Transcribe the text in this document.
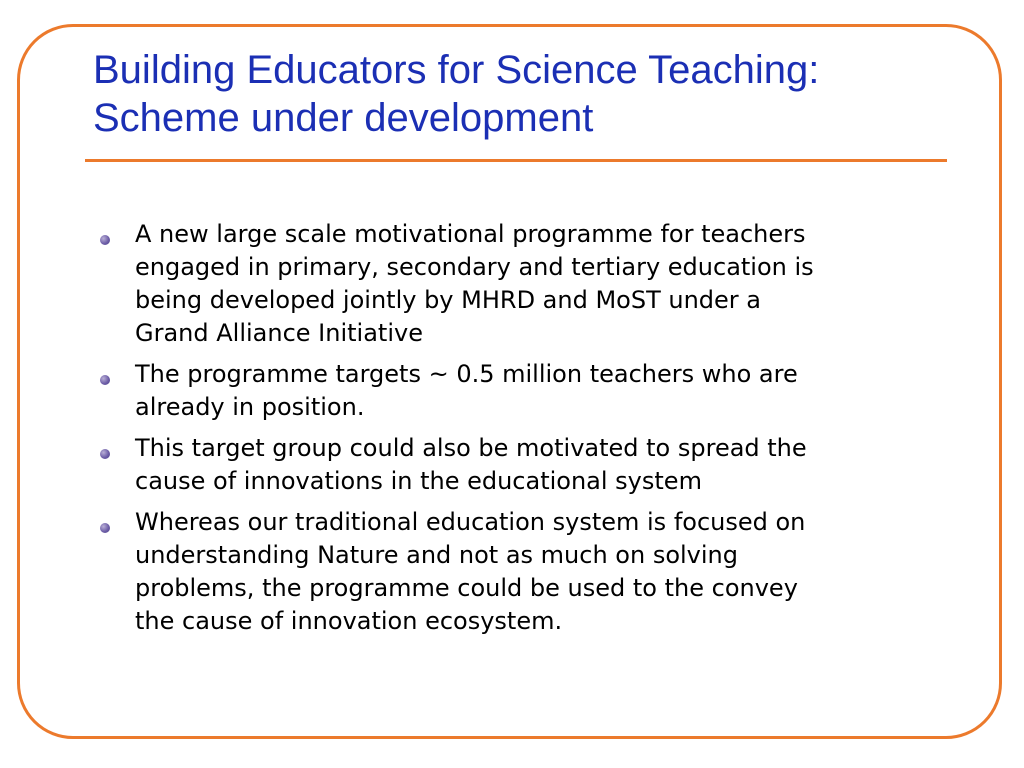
Building Educators for Science Teaching:
Scheme under development
A new large scale motivational programme for teachers
engaged in primary, secondary and tertiary education is
being developed jointly by MHRD and MoST under a
Grand Alliance Initiative
The programme targets ~ 0.5 million teachers who are
already in position.
This target group could also be motivated to spread the
cause of innovations in the educational system
Whereas our traditional education system is focused on
understanding Nature and not as much on solving
problems, the programme could be used to the convey
the cause of innovation ecosystem.
